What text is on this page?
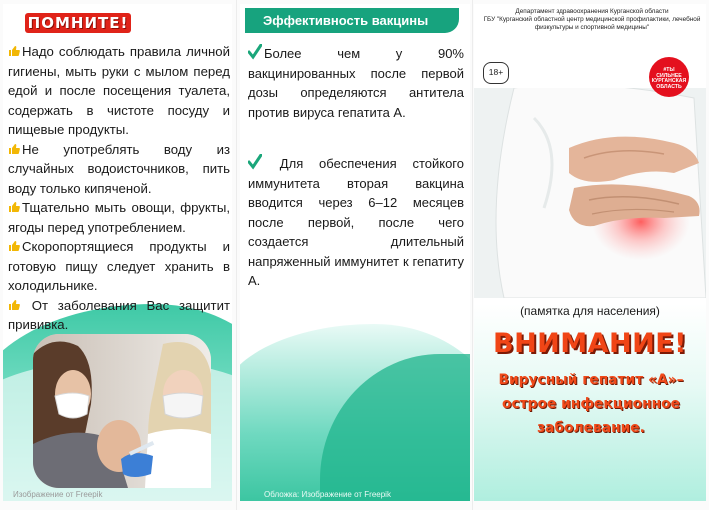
ПОМНИТЕ!

Надо соблюдать правила личной гигиены, мыть руки с мылом перед едой и после посещения туалета, содержать в чистоте посуду и пищевые продукты.

Не употреблять воду из случайных водоисточников, пить воду только кипяченой.

Тщательно мыть овощи, фрукты, ягоды перед употреблением.

Скоропортящиеся продукты и готовую пищу следует хранить в холодильнике.

От заболевания Вас защитит прививка.

Изображение от Freepik
Эффективность вакцины
Более чем у 90% вакцинированных после первой дозы определяются антитела против вируса гепатита А.
Для обеспечения стойкого иммунитета вторая вакцина вводится через 6–12 месяцев после первой, после чего создается длительный напряженный иммунитет к гепатиту А.
Обложка: Изображение от Freepik
Департамент здравоохранения Курганской области
ГБУ "Курганский областной центр медицинской профилактики, лечебной физкультуры и спортивной медицины"
18+	#ТЫ
СИЛЬНЕЕ
КУРГАНСКАЯ
ОБЛАСТЬ
(памятка для населения)
ВНИМАНИЕ!
Вирусный гепатит «А»–
острое инфекционное
заболевание.
